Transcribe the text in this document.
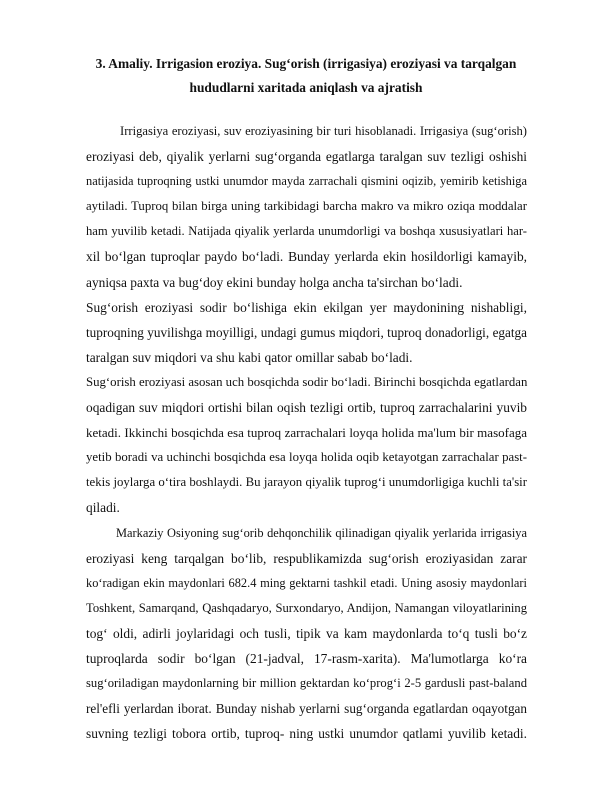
3. Amaliy. Irrigasion eroziya. Sug‘orish (irrigasiya) eroziyasi va tarqalgan
hududlarni xaritada aniqlash va ajratish
Irrigasiya eroziyasi, suv eroziyasining bir turi hisoblanadi. Irrigasiya (sug‘orish)
eroziyasi deb, qiyalik yerlarni sug‘organda egatlarga taralgan suv tezligi oshishi
natijasida tuproqning ustki unumdor mayda zarrachali qismini oqizib, yemirib ketishiga
aytiladi. Tuproq bilan birga uning tarkibidagi barcha makro va mikro oziqa moddalar
ham yuvilib ketadi. Natijada qiyalik yerlarda unumdorligi va boshqa xususiyatlari har-
xil bo‘lgan tuproqlar paydo bo‘ladi. Bunday yerlarda ekin hosildorligi kamayib,
ayniqsa paxta va bug‘doy ekini bunday holga ancha ta'sirchan bo‘ladi.
Sug‘orish eroziyasi sodir bo‘lishiga ekin ekilgan yer maydonining nishabligi,
tuproqning yuvilishga moyilligi, undagi gumus miqdori, tuproq donadorligi, egatga
taralgan suv miqdori va shu kabi qator omillar sabab bo‘ladi.
Sug‘orish eroziyasi asosan uch bosqichda sodir bo‘ladi. Birinchi bosqichda egatlardan
oqadigan suv miqdori ortishi bilan oqish tezligi ortib, tuproq zarrachalarini yuvib
ketadi. Ikkinchi bosqichda esa tuproq zarrachalari loyqa holida ma'lum bir masofaga
yetib boradi va uchinchi bosqichda esa loyqa holida oqib ketayotgan zarrachalar past-
tekis joylarga o‘tira boshlaydi. Bu jarayon qiyalik tuprog‘i unumdorligiga kuchli ta'sir
qiladi.
Markaziy Osiyoning sug‘orib dehqonchilik qilinadigan qiyalik yerlarida irrigasiya
eroziyasi keng tarqalgan bo‘lib, respublikamizda sug‘orish eroziyasidan zarar
ko‘radigan ekin maydonlari 682.4 ming gektarni tashkil etadi. Uning asosiy maydonlari
Toshkent, Samarqand, Qashqadaryo, Surxondaryo, Andijon, Namangan viloyatlarining
tog‘ oldi, adirli joylaridagi och tusli, tipik va kam maydonlarda to‘q tusli bo‘z
tuproqlarda sodir bo‘lgan (21-jadval, 17-rasm-xarita). Ma'lumotlarga ko‘ra
sug‘oriladigan maydonlarning bir million gektardan ko‘prog‘i 2-5 gardusli past-baland
rel'efli yerlardan iborat. Bunday nishab yerlarni sug‘organda egatlardan oqayotgan
suvning tezligi tobora ortib, tuproq- ning ustki unumdor qatlami yuvilib ketadi.
